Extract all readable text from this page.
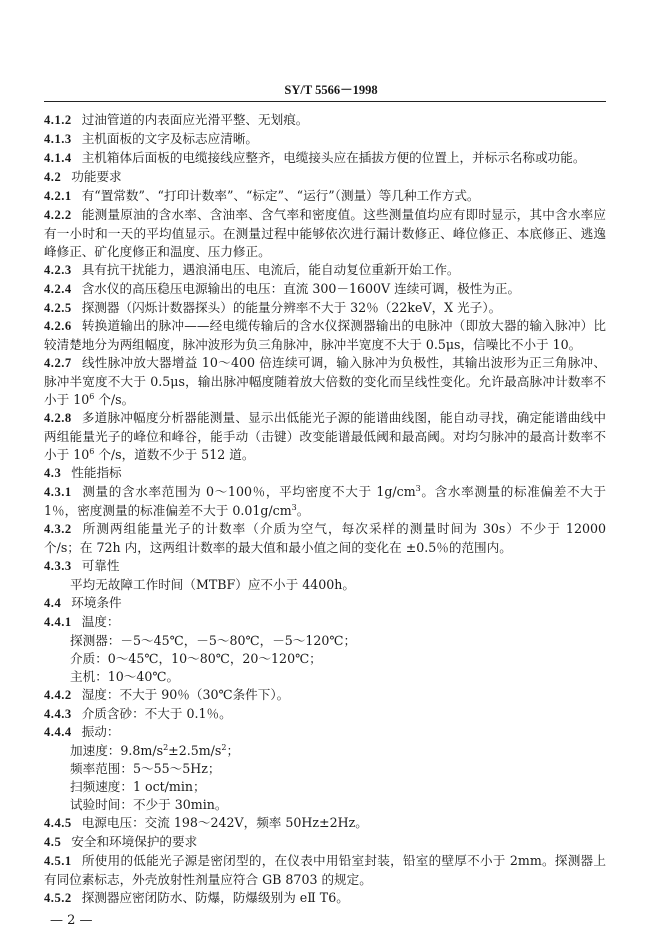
SY/T 5566－1998

4.1.2 过油管道的内表面应光滑平整、无划痕。

4.1.3 主机面板的文字及标志应清晰。

4.1.4 主机箱体后面板的电缆接线应整齐，电缆接头应在插拔方便的位置上，并标示名称或功能。

4.2 功能要求

4.2.1 有“置常数”、“打印计数率”、“标定”、“运行”（测量）等几种工作方式。

4.2.2 能测量原油的含水率、含油率、含气率和密度值。这些测量值均应有即时显示，其中含水率应有一小时和一天的平均值显示。在测量过程中能够依次进行漏计数修正、峰位修正、本底修正、逃逸峰修正、矿化度修正和温度、压力修正。

4.2.3 具有抗干扰能力，遇浪涌电压、电流后，能自动复位重新开始工作。

4.2.4 含水仪的高压稳压电源输出的电压：直流 300－1600V 连续可调，极性为正。

4.2.5 探测器（闪烁计数器探头）的能量分辨率不大于 32％（22keV，X 光子）。

4.2.6 转换道输出的脉冲——经电缆传输后的含水仪探测器输出的电脉冲（即放大器的输入脉冲）比较清楚地分为两组幅度，脉冲波形为负三角脉冲，脉冲半宽度不大于 0.5μs，信噪比不小于 10。

4.2.7 线性脉冲放大器增益 10～400 倍连续可调，输入脉冲为负极性，其输出波形为正三角脉冲、脉冲半宽度不大于 0.5μs，输出脉冲幅度随着放大倍数的变化而呈线性变化。允许最高脉冲计数率不小于 $10^6$ 个/s。

4.2.8 多道脉冲幅度分析器能测量、显示出低能光子源的能谱曲线图，能自动寻找，确定能谱曲线中两组能量光子的峰位和峰谷，能手动（击键）改变能谱最低阈和最高阈。对均匀脉冲的最高计数率不小于 $10^6$ 个/s，道数不少于 512 道。

4.3 性能指标

4.3.1 测量的含水率范围为 0～100％，平均密度不大于 $1g/cm^3$。含水率测量的标准偏差不大于 1％，密度测量的标准偏差不大于 $0.01g/cm^3$。

4.3.2 所测两组能量光子的计数率（介质为空气，每次采样的测量时间为 30s）不少于 12000 个/s；在 72h 内，这两组计数率的最大值和最小值之间的变化在 ±0.5％的范围内。

4.3.3 可靠性

平均无故障工作时间（MTBF）应不小于 4400h。

4.4 环境条件

4.4.1 温度：

探测器：－5～45℃，－5～80℃，－5～120℃；

介质：0～45℃，10～80℃，20～120℃；

主机：10～40℃。

4.4.2 湿度：不大于 90％（30℃条件下）。

4.4.3 介质含砂：不大于 0.1％。

4.4.4 振动：

加速度：$9.8m/s^2\pm 2.5m/s^2$；

频率范围：5～55～5Hz；

扫频速度：1 oct/min；

试验时间：不少于 30min。

4.4.5 电源电压：交流 198～242V，频率 50Hz±2Hz。

4.5 安全和环境保护的要求

4.5.1 所使用的低能光子源是密闭型的，在仪表中用铅室封装，铅室的壁厚不小于 2mm。探测器上有同位素标志，外壳放射性剂量应符合 GB 8703 的规定。

4.5.2 探测器应密闭防水、防爆，防爆级别为 eⅡ T6。

— 2 —
